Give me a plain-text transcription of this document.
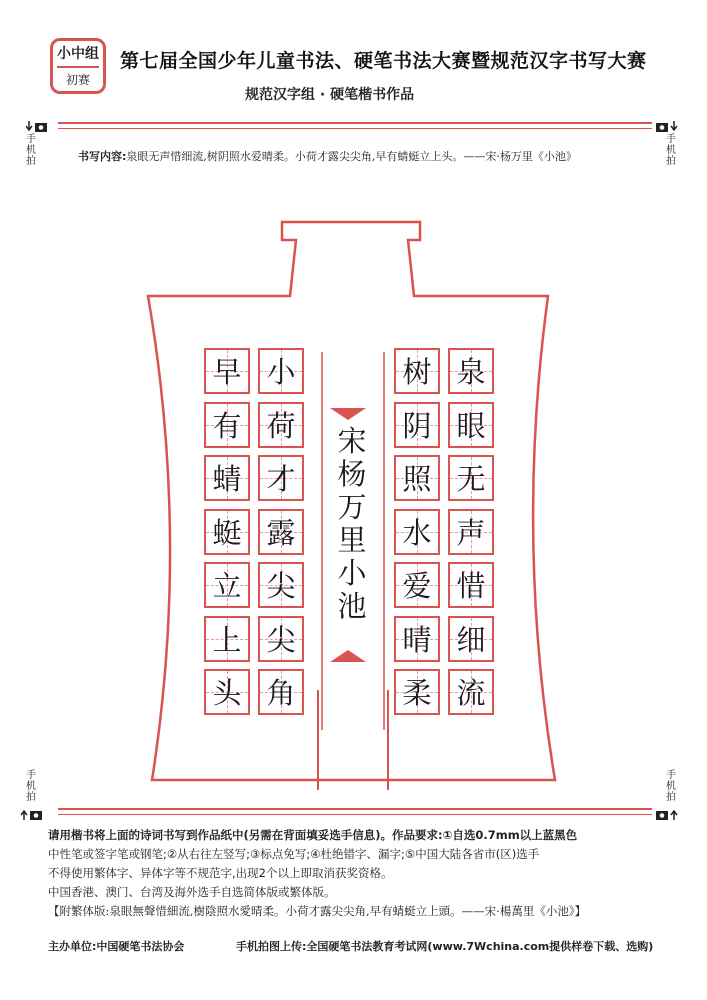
小中组
初赛
第七届全国少年儿童书法、硬笔书法大赛暨规范汉字书写大赛
规范汉字组 · 硬笔楷书作品
手机拍
手机拍
书写内容:泉眼无声惜细流,树阴照水爱晴柔。小荷才露尖尖角,早有蜻蜓立上头。——宋·杨万里《小池》
泉
眼
无
声
惜
细
流
树
阴
照
水
爱
晴
柔
小
荷
才
露
尖
尖
角
早
有
蜻
蜓
立
上
头
宋
杨
万
里
小
池
手机拍
手机拍

请用楷书将上面的诗词书写到作品纸中(另需在背面填妥选手信息)。作品要求:①自选0.7mm以上蓝黑色

中性笔或签字笔或钢笔;②从右往左竖写;③标点免写;④杜绝错字、漏字;⑤中国大陆各省市(区)选手

不得使用繁体字、异体字等不规范字,出现2个以上即取消获奖资格。

中国香港、澳门、台湾及海外选手自选简体版或繁体版。

【附繁体版:泉眼無聲惜細流,樹陰照水愛晴柔。小荷才露尖尖角,早有蜻蜓立上頭。——宋·楊萬里《小池》】

主办单位:中国硬笔书法协会	手机拍图上传:全国硬笔书法教育考试网(www.7Wchina.com提供样卷下载、选购)
